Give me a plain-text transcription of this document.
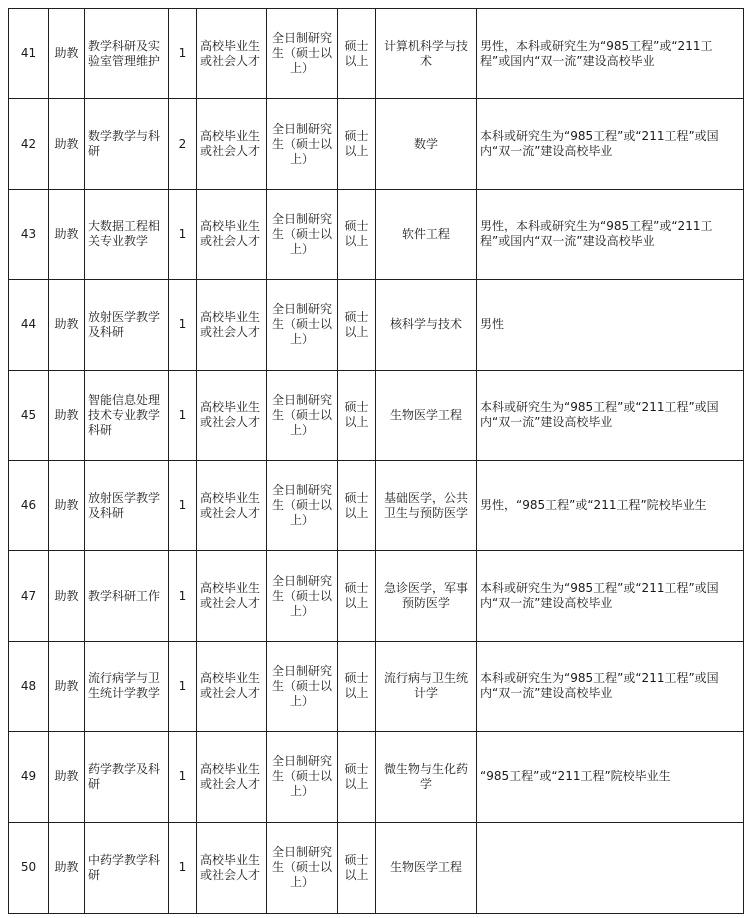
41	助教	教学科研及实验室管理维护	1	高校毕业生或社会人才	全日制研究生（硕士以上）	硕士以上	计算机科学与技术	男性，本科或研究生为“985工程”或“211工程”或国内“双一流”建设高校毕业
42	助教	数学教学与科研	2	高校毕业生或社会人才	全日制研究生（硕士以上）	硕士以上	数学	本科或研究生为“985工程”或“211工程”或国内“双一流”建设高校毕业
43	助教	大数据工程相关专业教学	1	高校毕业生或社会人才	全日制研究生（硕士以上）	硕士以上	软件工程	男性，本科或研究生为“985工程”或“211工程”或国内“双一流”建设高校毕业
44	助教	放射医学教学及科研	1	高校毕业生或社会人才	全日制研究生（硕士以上）	硕士以上	核科学与技术	男性
45	助教	智能信息处理技术专业教学科研	1	高校毕业生或社会人才	全日制研究生（硕士以上）	硕士以上	生物医学工程	本科或研究生为“985工程”或“211工程”或国内“双一流”建设高校毕业
46	助教	放射医学教学及科研	1	高校毕业生或社会人才	全日制研究生（硕士以上）	硕士以上	基础医学，公共卫生与预防医学	男性，“985工程”或“211工程”院校毕业生
47	助教	教学科研工作	1	高校毕业生或社会人才	全日制研究生（硕士以上）	硕士以上	急诊医学，军事预防医学	本科或研究生为“985工程”或“211工程”或国内“双一流”建设高校毕业
48	助教	流行病学与卫生统计学教学	1	高校毕业生或社会人才	全日制研究生（硕士以上）	硕士以上	流行病与卫生统计学	本科或研究生为“985工程”或“211工程”或国内“双一流”建设高校毕业
49	助教	药学教学及科研	1	高校毕业生或社会人才	全日制研究生（硕士以上）	硕士以上	微生物与生化药学	“985工程”或“211工程”院校毕业生
50	助教	中药学教学科研	1	高校毕业生或社会人才	全日制研究生（硕士以上）	硕士以上	生物医学工程	
